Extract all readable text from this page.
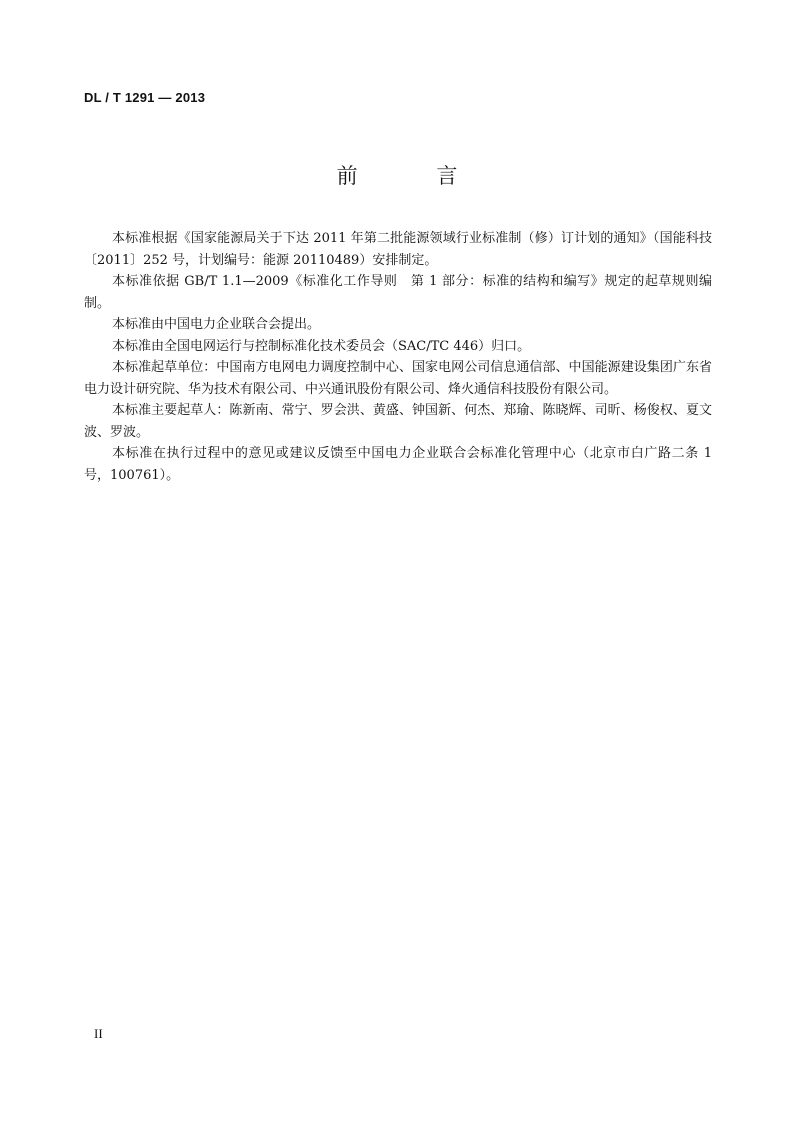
DL / T 1291 — 2013
前 言

本标准根据《国家能源局关于下达 2011 年第二批能源领域行业标准制（修）订计划的通知》（国能科技〔2011〕252 号，计划编号：能源 20110489）安排制定。

本标准依据 GB/T 1.1—2009《标准化工作导则　第 1 部分：标准的结构和编写》规定的起草规则编制。

本标准由中国电力企业联合会提出。

本标准由全国电网运行与控制标准化技术委员会（SAC/TC 446）归口。

本标准起草单位：中国南方电网电力调度控制中心、国家电网公司信息通信部、中国能源建设集团广东省电力设计研究院、华为技术有限公司、中兴通讯股份有限公司、烽火通信科技股份有限公司。

本标准主要起草人：陈新南、常宁、罗会洪、黄盛、钟国新、何杰、郑瑜、陈晓辉、司昕、杨俊权、夏文波、罗波。

本标准在执行过程中的意见或建议反馈至中国电力企业联合会标准化管理中心（北京市白广路二条 1 号，100761）。

II
